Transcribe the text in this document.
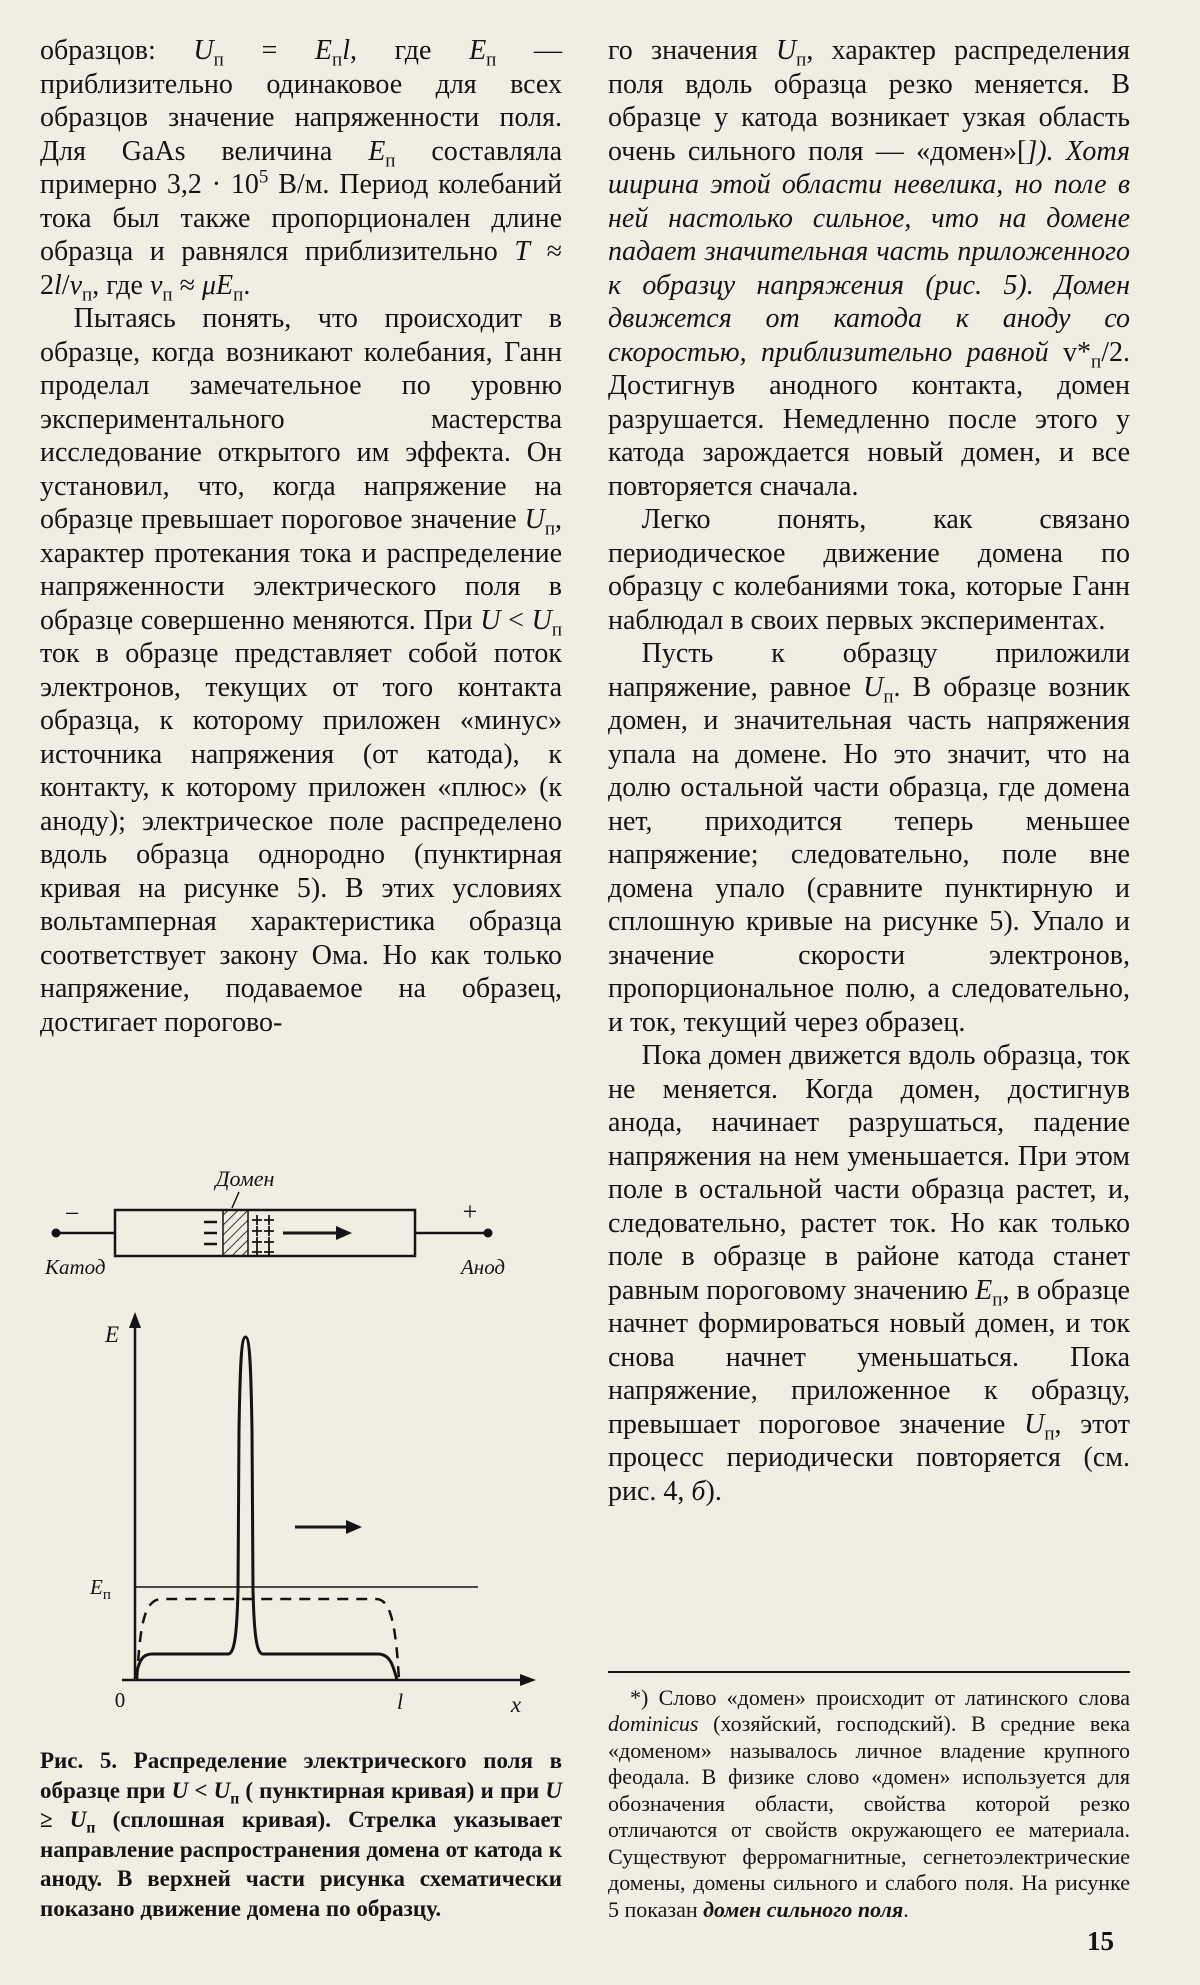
образцов: $U_п = E_пl$, где $E_п$ — приблизительно одинаковое для всех образцов значение напряженности поля. Для GaAs величина $E_п$ составляла примерно $3,2 \cdot 10^5$ В/м. Период колебаний тока был также пропорционален длине образца и равнялся приблизительно $T \approx 2l/v_п$, где $v_п \approx \mu E_п$.

Пытаясь понять, что происходит в образце, когда возникают колебания, Ганн проделал замечательное по уровню экспериментального мастерства исследование открытого им эффекта. Он установил, что, когда напряжение на образце превышает пороговое значение $U_п$, характер протекания тока и распределение напряженности электрического поля в образце совершенно меняются. При $U < U_п$ ток в образце представляет собой поток электронов, текущих от того контакта образца, к которому приложен «минус» источника напряжения (от катода), к контакту, к которому приложен «плюс» (к аноду); электрическое поле распределено вдоль образца однородно (пунктирная кривая на рисунке 5). В этих условиях вольтамперная характеристика образца соответствует закону Ома. Но как только напряжение, подаваемое на образец, достигает порогово-

Домен
−
Катод
+
Анод
E
x
0	l
$E_п$
Рис. 5. Распределение электрического поля в образце при $U < U_п$ ( пунктирная кривая) и при $U \ge U_п$ (сплошная кривая). Стрелка указывает направление распространения домена от катода к аноду. В верхней части рисунка схематически показано движение домена по образцу.

го значения $U_п$, характер распределения поля вдоль образца резко меняется. В образце у катода возникает узкая область очень сильного поля — «домен»[]). Хотя ширина этой области невелика, но поле в ней настолько сильное, что на домене падает значительная часть приложенного к образцу напряжения (рис. 5). Домен движется от катода к аноду со скоростью, приблизительно равной $v*_п/2$. Достигнув анодного контакта, домен разрушается. Немедленно после этого у катода зарождается новый домен, и все повторяется сначала.

Легко понять, как связано периодическое движение домена по образцу с колебаниями тока, которые Ганн наблюдал в своих первых экспериментах.

Пусть к образцу приложили напряжение, равное $U_п$. В образце возник домен, и значительная часть напряжения упала на домене. Но это значит, что на долю остальной части образца, где домена нет, приходится теперь меньшее напряжение; следовательно, поле вне домена упало (сравните пунктирную и сплошную кривые на рисунке 5). Упало и значение скорости электронов, пропорциональное полю, а следовательно, и ток, текущий через образец.

Пока домен движется вдоль образца, ток не меняется. Когда домен, достигнув анода, начинает разрушаться, падение напряжения на нем уменьшается. При этом поле в остальной части образца растет, и, следовательно, растет ток. Но как только поле в образце в районе катода станет равным пороговому значению $E_п$, в образце начнет формироваться новый домен, и ток снова начнет уменьшаться. Пока напряжение, приложенное к образцу, превышает пороговое значение $U_п$, этот процесс периодически повторяется (см. рис. 4, б).

*) Слово «домен» происходит от латинского слова dominicus (хозяйский, господский). В средние века «доменом» называлось личное владение крупного феодала. В физике слово «домен» используется для обозначения области, свойства которой резко отличаются от свойств окружающего ее материала. Существуют ферромагнитные, сегнетоэлектрические домены, домены сильного и слабого поля. На рисунке 5 показан домен сильного поля.

15
